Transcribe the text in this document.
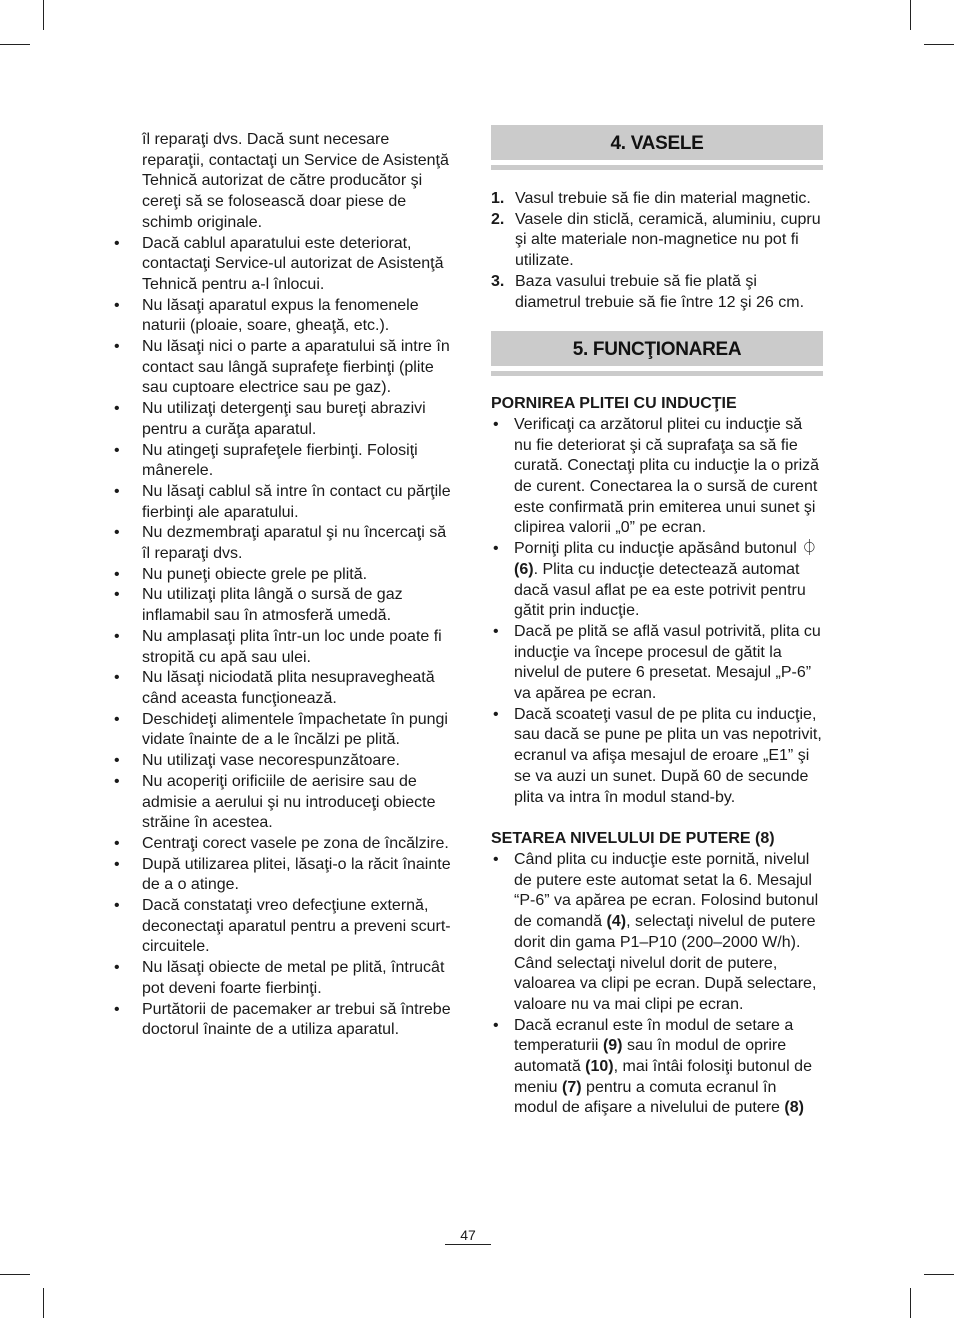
îl reparaţi dvs. Dacă sunt necesare reparaţii, contactaţi un Service de Asistenţă Tehnică autorizat de către producător şi cereţi să se folosească doar piese de schimb originale.

• Dacă cablul aparatului este deteriorat, contactaţi Service-ul autorizat de Asistenţă Tehnică pentru a-l înlocui.
• Nu lăsaţi aparatul expus la fenomenele naturii (ploaie, soare, gheaţă, etc.).
• Nu lăsaţi nici o parte a aparatului să intre în contact sau lângă suprafeţe fierbinţi (plite sau cuptoare electrice sau pe gaz).
• Nu utilizaţi detergenţi sau bureţi abrazivi pentru a curăţa aparatul.
• Nu atingeţi suprafeţele fierbinţi. Folosiţi mânerele.
• Nu lăsaţi cablul să intre în contact cu părţile fierbinţi ale aparatului.
• Nu dezmembraţi aparatul şi nu încercaţi să îl reparaţi dvs.
• Nu puneţi obiecte grele pe plită.
• Nu utilizaţi plita lângă o sursă de gaz inflamabil sau în atmosferă umedă.
• Nu amplasaţi plita într-un loc unde poate fi stropită cu apă sau ulei.
• Nu lăsaţi niciodată plita nesupravegheată când aceasta funcţionează.
• Deschideţi alimentele împachetate în pungi vidate înainte de a le încălzi pe plită.
• Nu utilizaţi vase necorespunzătoare.
• Nu acoperiţi orificiile de aerisire sau de admisie a aerului şi nu introduceţi obiecte străine în acestea.
• Centraţi corect vasele pe zona de încălzire.
• După utilizarea plitei, lăsaţi-o la răcit înainte de a o atinge.
• Dacă constataţi vreo defecţiune externă, deconectaţi aparatul pentru a preveni scurt-circuitele.
• Nu lăsaţi obiecte de metal pe plită, întrucât pot deveni foarte fierbinţi.
• Purtătorii de pacemaker ar trebui să întrebe doctorul înainte de a utiliza aparatul.
4. VASELE
1. Vasul trebuie să fie din material magnetic.
2. Vasele din sticlă, ceramică, aluminiu, cupru şi alte materiale non-magnetice nu pot fi utilizate.
3. Baza vasului trebuie să fie plată şi diametrul trebuie să fie între 12 şi 26 cm.
5. FUNCŢIONAREA

PORNIREA PLITEI CU INDUCŢIE

• Verificaţi ca arzătorul plitei cu inducţie să nu fie deteriorat şi că suprafaţa sa să fie curată. Conectaţi plita cu inducţie la o priză de curent. Conectarea la o sursă de curent este confirmată prin emiterea unui sunet şi clipirea valorii „0” pe ecran.
• Porniţi plita cu inducţie apăsând butonul ⏀ (6). Plita cu inducţie detectează automat dacă vasul aflat pe ea este potrivit pentru gătit prin inducţie.
• Dacă pe plită se află vasul potrivită, plita cu inducţie va începe procesul de gătit la nivelul de putere 6 presetat. Mesajul „P-6” va apărea pe ecran.
• Dacă scoateţi vasul de pe plita cu inducţie, sau dacă se pune pe plita un vas nepotrivit, ecranul va afişa mesajul de eroare „E1” şi se va auzi un sunet. După 60 de secunde plita va intra în modul stand-by.

SETAREA NIVELULUI DE PUTERE (8)

• Când plita cu inducţie este pornită, nivelul de putere este automat setat la 6. Mesajul “P-6” va apărea pe ecran. Folosind butonul de comandă (4), selectaţi nivelul de putere dorit din gama P1–P10 (200–2000 W/h).
Când selectaţi nivelul dorit de putere, valoarea va clipi pe ecran. După selectare, valoare nu va mai clipi pe ecran.
• Dacă ecranul este în modul de setare a temperaturii (9) sau în modul de oprire automată (10), mai întâi folosiţi butonul de meniu (7) pentru a comuta ecranul în modul de afişare a nivelului de putere (8)
47
